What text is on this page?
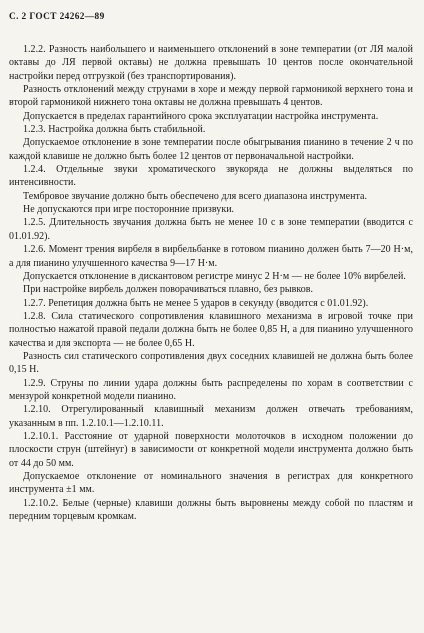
С. 2 ГОСТ 24262—89

1.2.2. Разность наибольшего и наименьшего отклонений в зоне температии (от ЛЯ малой октавы до ЛЯ первой октавы) не должна превышать 10 центов после окончательной настройки перед отгрузкой (без транспортирования).

Разность отклонений между струнами в хоре и между первой гармоникой верхнего тона и второй гармоникой нижнего тона октавы не должна превышать 4 центов.

Допускается в пределах гарантийного срока эксплуатации настройка инструмента.

1.2.3. Настройка должна быть стабильной.

Допускаемое отклонение в зоне температии после обыгрывания пианино в течение 2 ч по каждой клавише не должно быть более 12 центов от первоначальной настройки.

1.2.4. Отдельные звуки хроматического звукоряда не должны выделяться по интенсивности.

Тембровое звучание должно быть обеспечено для всего диапазона инструмента.

Не допускаются при игре посторонние призвуки.

1.2.5. Длительность звучания должна быть не менее 10 с в зоне температии (вводится с 01.01.92).

1.2.6. Момент трения вирбеля в вирбельбанке в готовом пианино должен быть 7—20 Н·м, а для пианино улучшенного качества 9—17 Н·м.

Допускается отклонение в дискантовом регистре минус 2 Н·м — не более 10% вирбелей.

При настройке вирбель должен поворачиваться плавно, без рывков.

1.2.7. Репетиция должна быть не менее 5 ударов в секунду (вводится с 01.01.92).

1.2.8. Сила статического сопротивления клавишного механизма в игровой точке при полностью нажатой правой педали должна быть не более 0,85 Н, а для пианино улучшенного качества и для экспорта — не более 0,65 Н.

Разность сил статического сопротивления двух соседних клавишей не должна быть более 0,15 Н.

1.2.9. Струны по линии удара должны быть распределены по хорам в соответствии с мензурой конкретной модели пианино.

1.2.10. Отрегулированный клавишный механизм должен отвечать требованиям, указанным в пп. 1.2.10.1—1.2.10.11.

1.2.10.1. Расстояние от ударной поверхности молоточков в исходном положении до плоскости струн (штейнуг) в зависимости от конкретной модели инструмента должно быть от 44 до 50 мм.

Допускаемое отклонение от номинального значения в регистрах для конкретного инструмента ±1 мм.

1.2.10.2. Белые (черные) клавиши должны быть выровнены между собой по пластям и передним торцевым кромкам.
